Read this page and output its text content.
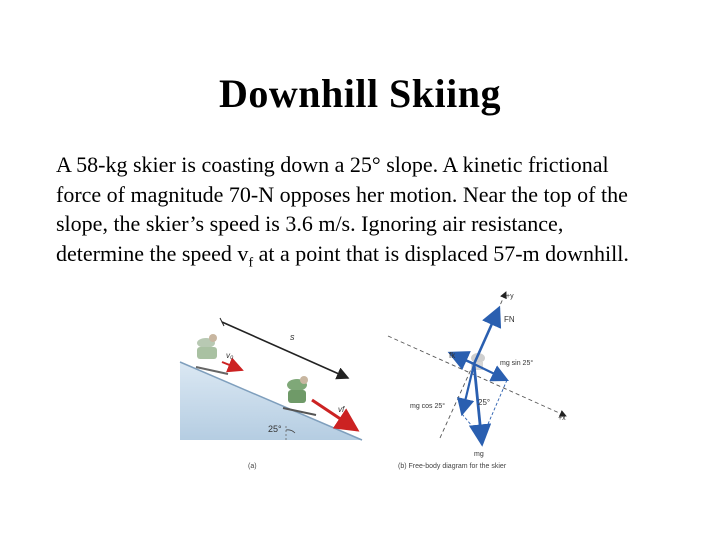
Downhill Skiing
A 58-kg skier is coasting down a 25° slope. A kinetic frictional
force of magnitude 70-N opposes her motion. Near the top of the
slope, the skier’s speed is 3.6 m/s. Ignoring air resistance,
determine the speed $v_f$ at a point that is displaced 57-m downhill.
s
v₀
vf
25°
(a)
+x
+y
FN
fk
mg sin 25°
mg cos 25°
mg
25°
(b) Free-body diagram for the skier
